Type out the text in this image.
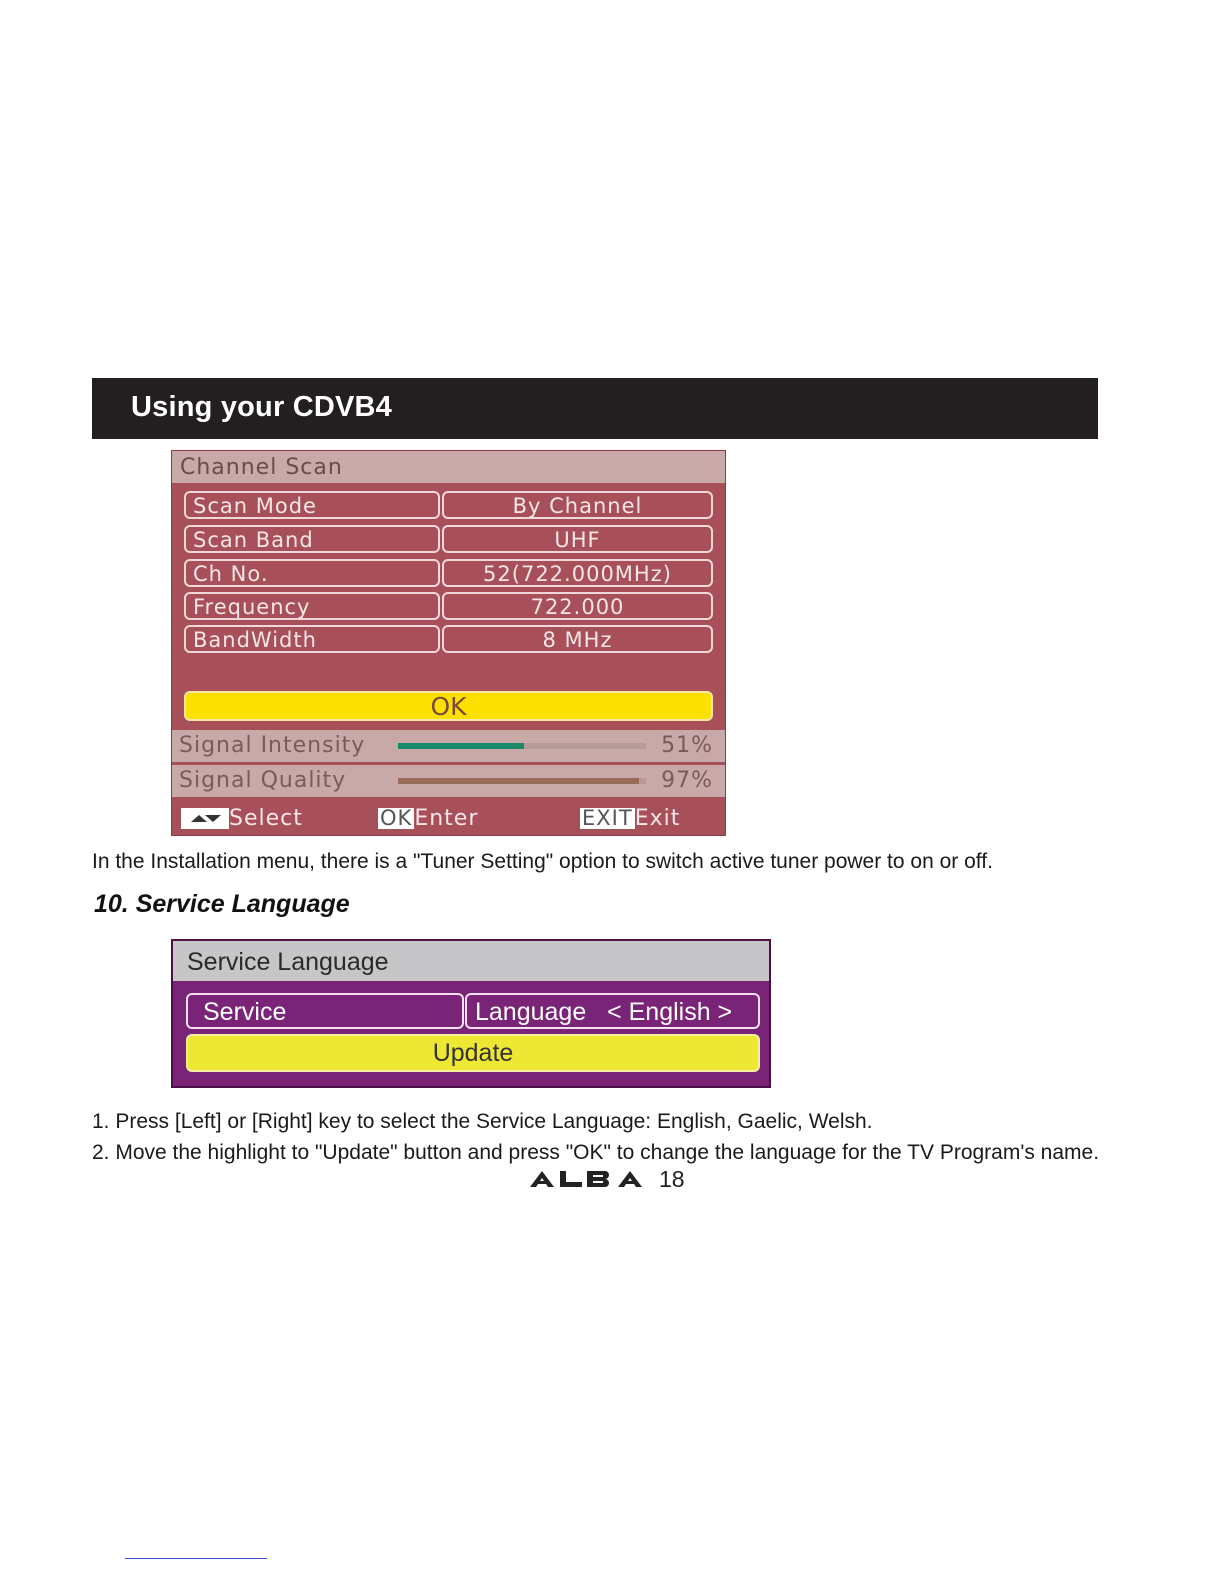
Using your CDVB4
Channel Scan
Scan Mode	By Channel
Scan Band	UHF
Ch No.	52(722.000MHz)
Frequency	722.000
BandWidth	8 MHz
OK
Signal Intensity	51%
Signal Quality	97%
Select	OKEnter	EXITExit
In the Installation menu, there is a "Tuner Setting" option to switch active tuner power to on or off.
10. Service Language
Service Language
Service	Language   < English >
Update
1. Press [Left] or [Right] key to select the Service Language: English, Gaelic, Welsh.
2. Move the highlight to "Update" button and press "OK" to change the language for the TV Program's name.
18
